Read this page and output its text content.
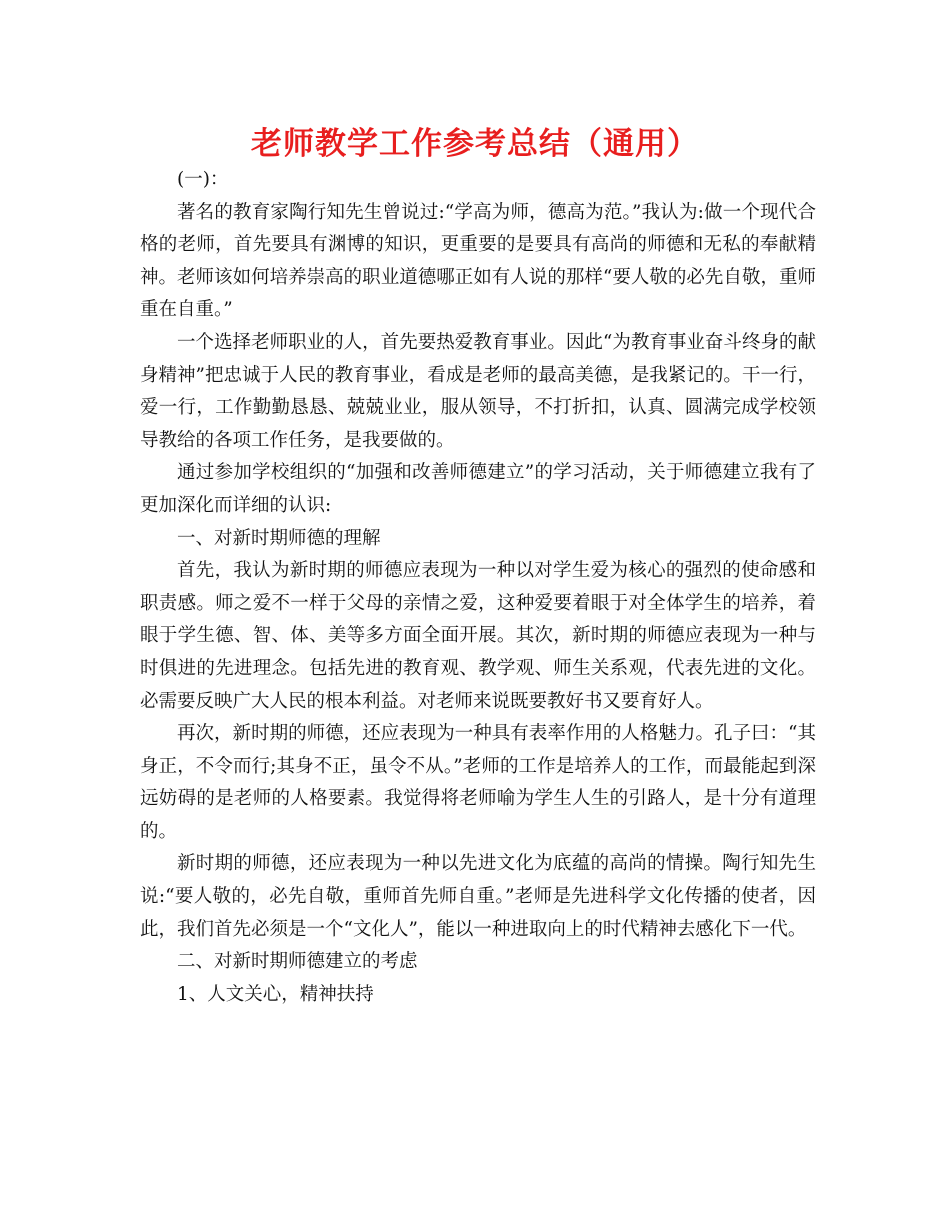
老师教学工作参考总结（通用）

(一)：

著名的教育家陶行知先生曾说过:“学高为师，德高为范。”我认为:做一个现代合格的老师，首先要具有渊博的知识，更重要的是要具有高尚的师德和无私的奉献精神。老师该如何培养崇高的职业道德哪正如有人说的那样“要人敬的必先自敬，重师重在自重。”

一个选择老师职业的人，首先要热爱教育事业。因此“为教育事业奋斗终身的献身精神”把忠诚于人民的教育事业，看成是老师的最高美德，是我紧记的。干一行，爱一行，工作勤勤恳恳、兢兢业业，服从领导，不打折扣，认真、圆满完成学校领导教给的各项工作任务，是我要做的。

通过参加学校组织的“加强和改善师德建立”的学习活动，关于师德建立我有了更加深化而详细的认识:

一、对新时期师德的理解

首先，我认为新时期的师德应表现为一种以对学生爱为核心的强烈的使命感和职责感。师之爱不一样于父母的亲情之爱，这种爱要着眼于对全体学生的培养，着眼于学生德、智、体、美等多方面全面开展。其次，新时期的师德应表现为一种与时俱进的先进理念。包括先进的教育观、教学观、师生关系观，代表先进的文化。必需要反映广大人民的根本利益。对老师来说既要教好书又要育好人。

再次，新时期的师德，还应表现为一种具有表率作用的人格魅力。孔子曰：“其身正，不令而行;其身不正，虽令不从。”老师的工作是培养人的工作，而最能起到深远妨碍的是老师的人格要素。我觉得将老师喻为学生人生的引路人，是十分有道理的。

新时期的师德，还应表现为一种以先进文化为底蕴的高尚的情操。陶行知先生说:“要人敬的，必先自敬，重师首先师自重。”老师是先进科学文化传播的使者，因此，我们首先必须是一个“文化人”，能以一种进取向上的时代精神去感化下一代。

二、对新时期师德建立的考虑

1、人文关心，精神扶持
